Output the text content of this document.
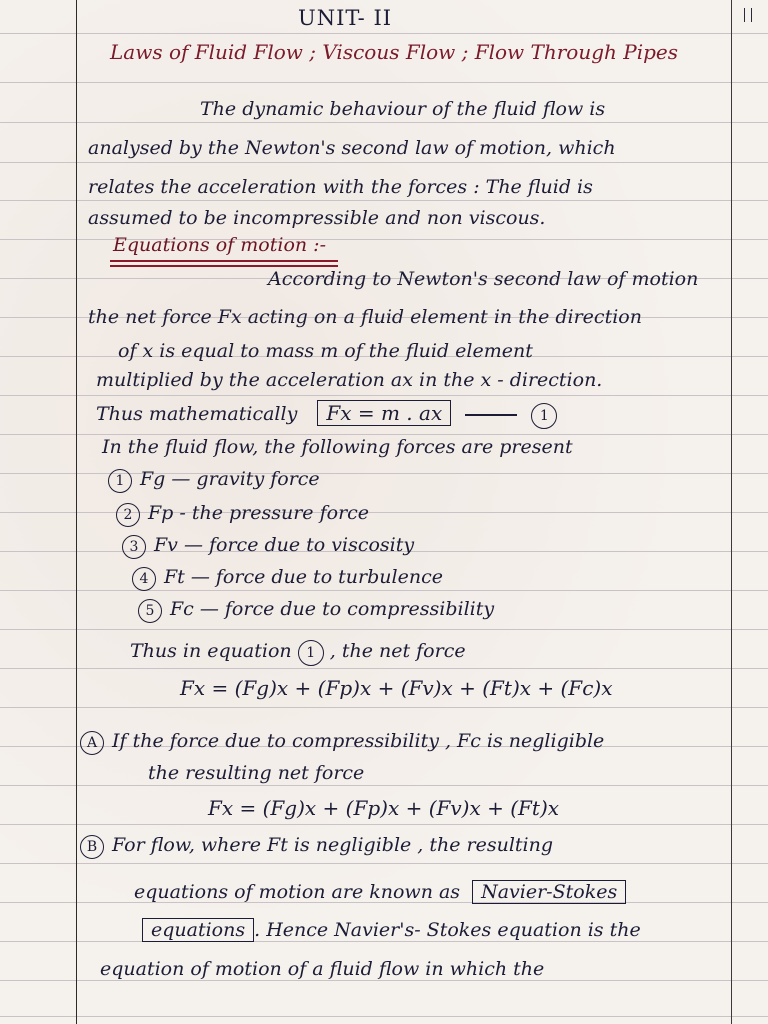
UNIT- II
Laws of Fluid Flow ; Viscous Flow ; Flow Through Pipes
The dynamic behaviour of the fluid flow is
analysed by the Newton's second law of motion, which
relates the acceleration with the forces : The fluid is
assumed to be incompressible and non viscous.
Equations of motion :-
According to Newton's second law of motion
the net force Fx acting on a fluid element in the direction
of x is equal to mass m of the fluid element
multiplied by the acceleration ax in the x - direction.
Thus mathematically Fx = m . ax	1
In the fluid flow, the following forces are present
1 Fg — gravity force
2 Fp - the pressure force
3 Fv — force due to viscosity
4 Ft — force due to turbulence
5 Fc — force due to compressibility
Thus in equation 1 , the net force
Fx = (Fg)x + (Fp)x + (Fv)x + (Ft)x + (Fc)x
A If the force due to compressibility , Fc is negligible
the resulting net force
Fx = (Fg)x + (Fp)x + (Fv)x + (Ft)x
B For flow, where Ft is negligible , the resulting
equations of motion are known as Navier-Stokes
equations . Hence Navier's- Stokes equation is the
equation of motion of a fluid flow in which the
